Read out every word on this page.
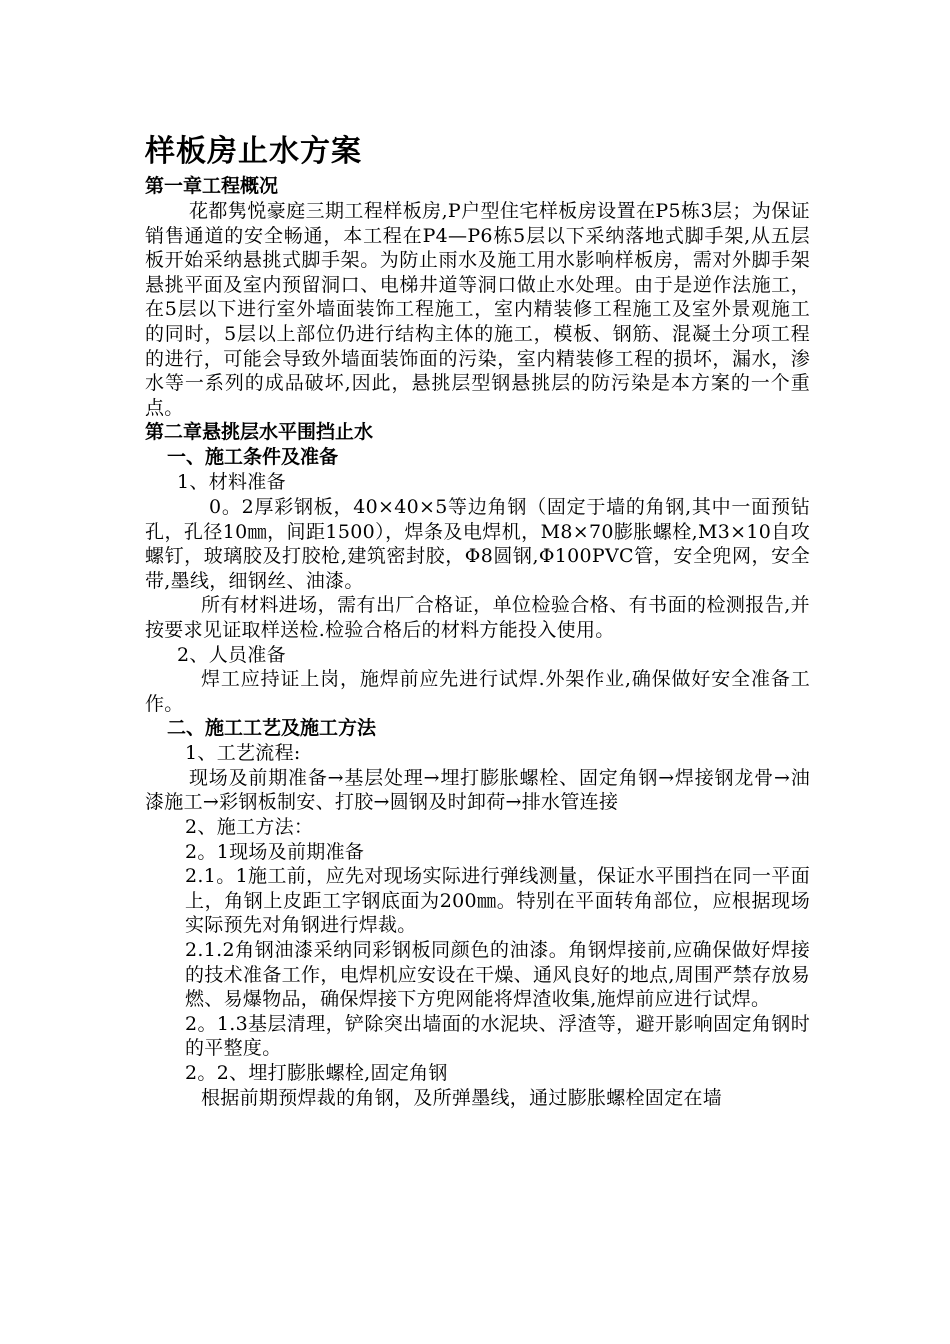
样板房止水方案
第一章工程概况

花都隽悦豪庭三期工程样板房,P户型住宅样板房设置在P5栋3层；为保证销售通道的安全畅通，本工程在P4—P6栋5层以下采纳落地式脚手架,从五层板开始采纳悬挑式脚手架。为防止雨水及施工用水影响样板房，需对外脚手架悬挑平面及室内预留洞口、电梯井道等洞口做止水处理。由于是逆作法施工，在5层以下进行室外墙面装饰工程施工，室内精装修工程施工及室外景观施工的同时，5层以上部位仍进行结构主体的施工，模板、钢筋、混凝土分项工程的进行，可能会导致外墙面装饰面的污染，室内精装修工程的损坏，漏水，渗水等一系列的成品破坏,因此，悬挑层型钢悬挑层的防污染是本方案的一个重点。

第二章悬挑层水平围挡止水
一、施工条件及准备

1、材料准备

0。2厚彩钢板，40×40×5等边角钢（固定于墙的角钢,其中一面预钻孔，孔径10㎜，间距1500），焊条及电焊机，M8×70膨胀螺栓,M3×10自攻螺钉，玻璃胶及打胶枪,建筑密封胶，Φ8圆钢,Φ100PVC管，安全兜网，安全带,墨线，细钢丝、油漆。

所有材料进场，需有出厂合格证，单位检验合格、有书面的检测报告,并按要求见证取样送检.检验合格后的材料方能投入使用。

2、人员准备

焊工应持证上岗，施焊前应先进行试焊.外架作业,确保做好安全准备工作。

二、施工工艺及施工方法

1、工艺流程:

现场及前期准备→基层处理→埋打膨胀螺栓、固定角钢→焊接钢龙骨→油漆施工→彩钢板制安、打胶→圆钢及时卸荷→排水管连接

2、施工方法：

2。1现场及前期准备

2.1。1施工前，应先对现场实际进行弹线测量，保证水平围挡在同一平面上，角钢上皮距工字钢底面为200㎜。特别在平面转角部位，应根据现场实际预先对角钢进行焊裁。

2.1.2角钢油漆采纳同彩钢板同颜色的油漆。角钢焊接前,应确保做好焊接的技术准备工作，电焊机应安设在干燥、通风良好的地点,周围严禁存放易燃、易爆物品，确保焊接下方兜网能将焊渣收集,施焊前应进行试焊。

2。1.3基层清理，铲除突出墙面的水泥块、浮渣等，避开影响固定角钢时的平整度。

2。2、埋打膨胀螺栓,固定角钢

根据前期预焊裁的角钢，及所弹墨线，通过膨胀螺栓固定在墙
